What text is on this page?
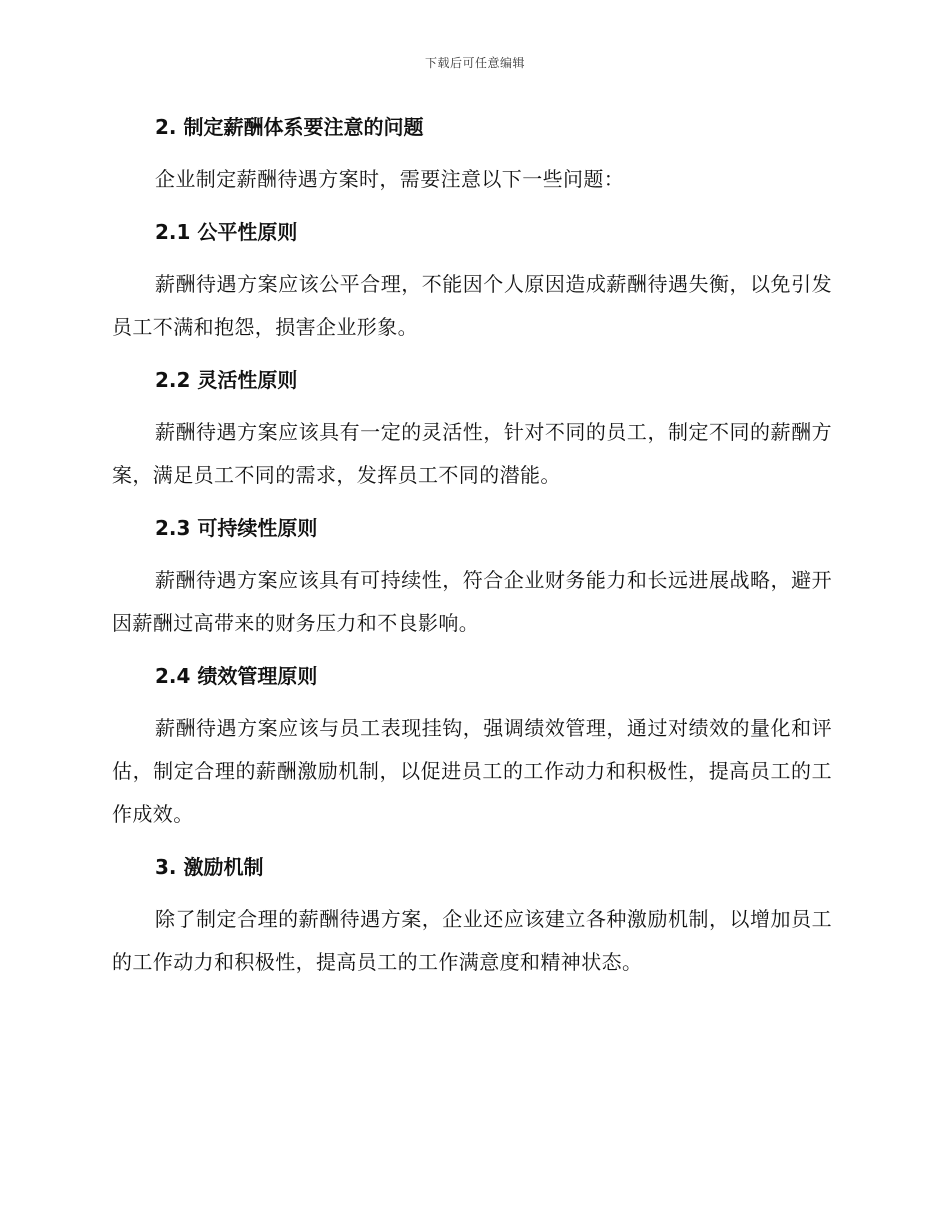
下载后可任意编辑
2. 制定薪酬体系要注意的问题
企业制定薪酬待遇方案时，需要注意以下一些问题：
2.1 公平性原则
薪酬待遇方案应该公平合理，不能因个人原因造成薪酬待遇失衡，以免引发员工不满和抱怨，损害企业形象。
2.2 灵活性原则
薪酬待遇方案应该具有一定的灵活性，针对不同的员工，制定不同的薪酬方案，满足员工不同的需求，发挥员工不同的潜能。
2.3 可持续性原则
薪酬待遇方案应该具有可持续性，符合企业财务能力和长远进展战略，避开因薪酬过高带来的财务压力和不良影响。
2.4 绩效管理原则
薪酬待遇方案应该与员工表现挂钩，强调绩效管理，通过对绩效的量化和评估，制定合理的薪酬激励机制，以促进员工的工作动力和积极性，提高员工的工作成效。
3. 激励机制
除了制定合理的薪酬待遇方案，企业还应该建立各种激励机制，以增加员工的工作动力和积极性，提高员工的工作满意度和精神状态。
